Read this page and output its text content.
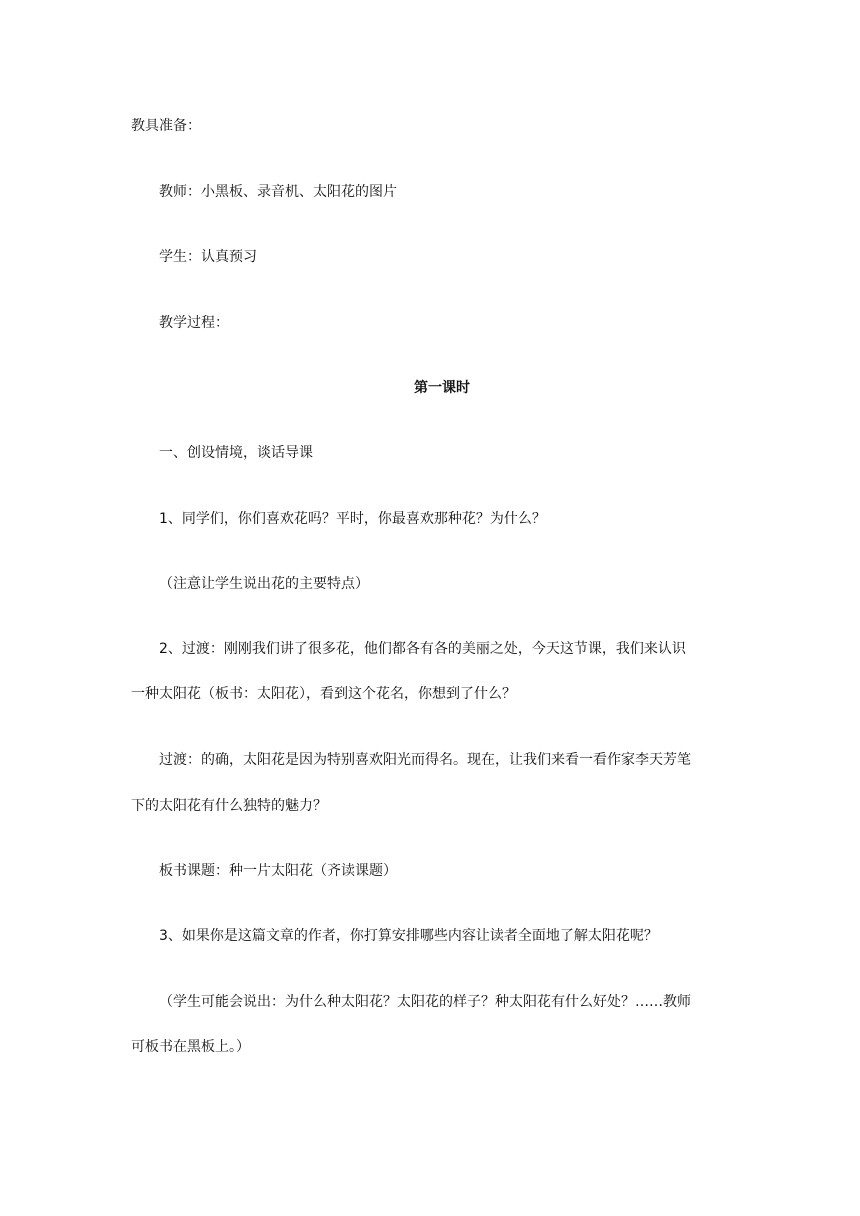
教具准备：
教师：小黑板、录音机、太阳花的图片
学生：认真预习
教学过程：
第一课时
一、创设情境，谈话导课
1、同学们，你们喜欢花吗？平时，你最喜欢那种花？为什么？
（注意让学生说出花的主要特点）
2、过渡：刚刚我们讲了很多花，他们都各有各的美丽之处，今天这节课，我们来认识
一种太阳花（板书：太阳花），看到这个花名，你想到了什么？
过渡：的确，太阳花是因为特别喜欢阳光而得名。现在，让我们来看一看作家李天芳笔
下的太阳花有什么独特的魅力？
板书课题：种一片太阳花（齐读课题）
3、如果你是这篇文章的作者，你打算安排哪些内容让读者全面地了解太阳花呢？
（学生可能会说出：为什么种太阳花？太阳花的样子？种太阳花有什么好处？……教师
可板书在黑板上。）
